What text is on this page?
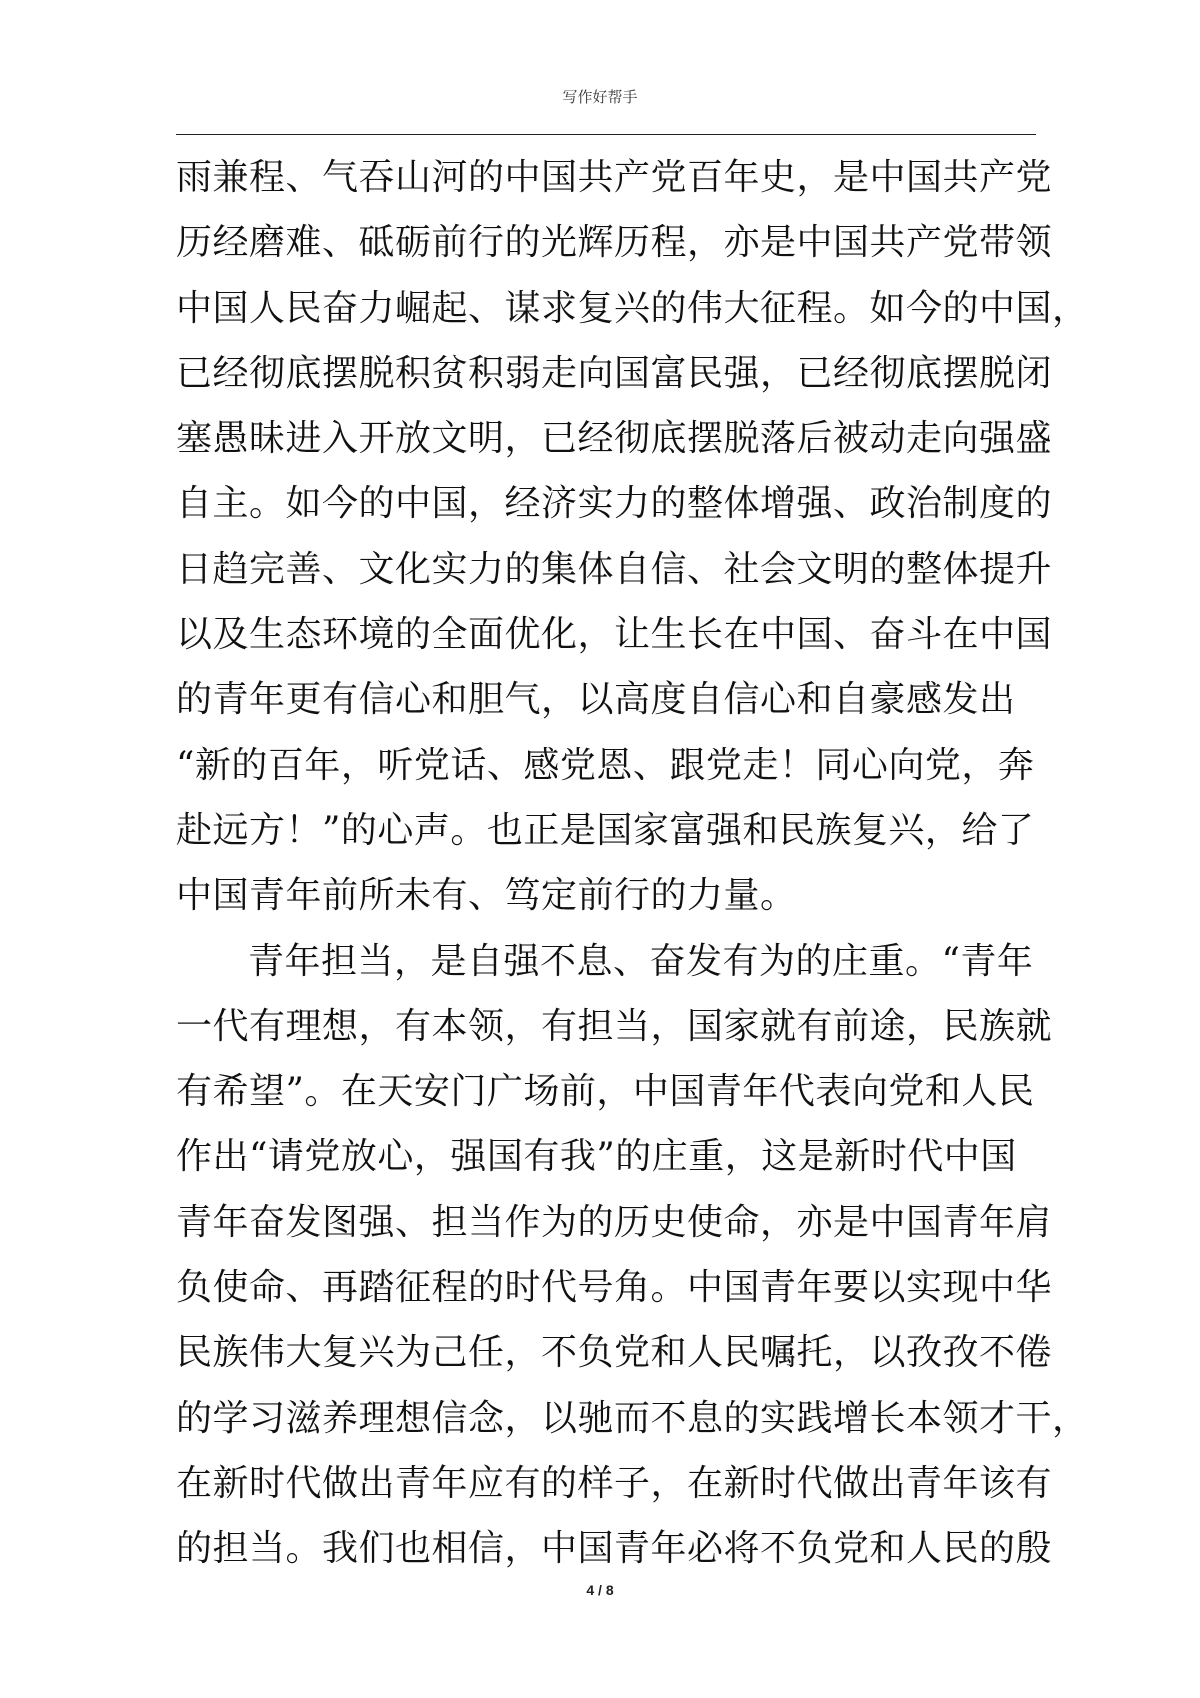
写作好帮手
雨兼程、气吞山河的中国共产党百年史，是中国共产党
历经磨难、砥砺前行的光辉历程，亦是中国共产党带领
中国人民奋力崛起、谋求复兴的伟大征程。如今的中国，
已经彻底摆脱积贫积弱走向国富民强，已经彻底摆脱闭
塞愚昧进入开放文明，已经彻底摆脱落后被动走向强盛
自主。如今的中国，经济实力的整体增强、政治制度的
日趋完善、文化实力的集体自信、社会文明的整体提升
以及生态环境的全面优化，让生长在中国、奋斗在中国
的青年更有信心和胆气，以高度自信心和自豪感发出
“新的百年，听党话、感党恩、跟党走！同心向党，奔
赴远方！”的心声。也正是国家富强和民族复兴，给了
中国青年前所未有、笃定前行的力量。
青年担当，是自强不息、奋发有为的庄重。“青年
一代有理想，有本领，有担当，国家就有前途，民族就
有希望”。在天安门广场前，中国青年代表向党和人民
作出“请党放心，强国有我”的庄重，这是新时代中国
青年奋发图强、担当作为的历史使命，亦是中国青年肩
负使命、再踏征程的时代号角。中国青年要以实现中华
民族伟大复兴为己任，不负党和人民嘱托，以孜孜不倦
的学习滋养理想信念，以驰而不息的实践增长本领才干，
在新时代做出青年应有的样子，在新时代做出青年该有
的担当。我们也相信，中国青年必将不负党和人民的殷
4 / 8
